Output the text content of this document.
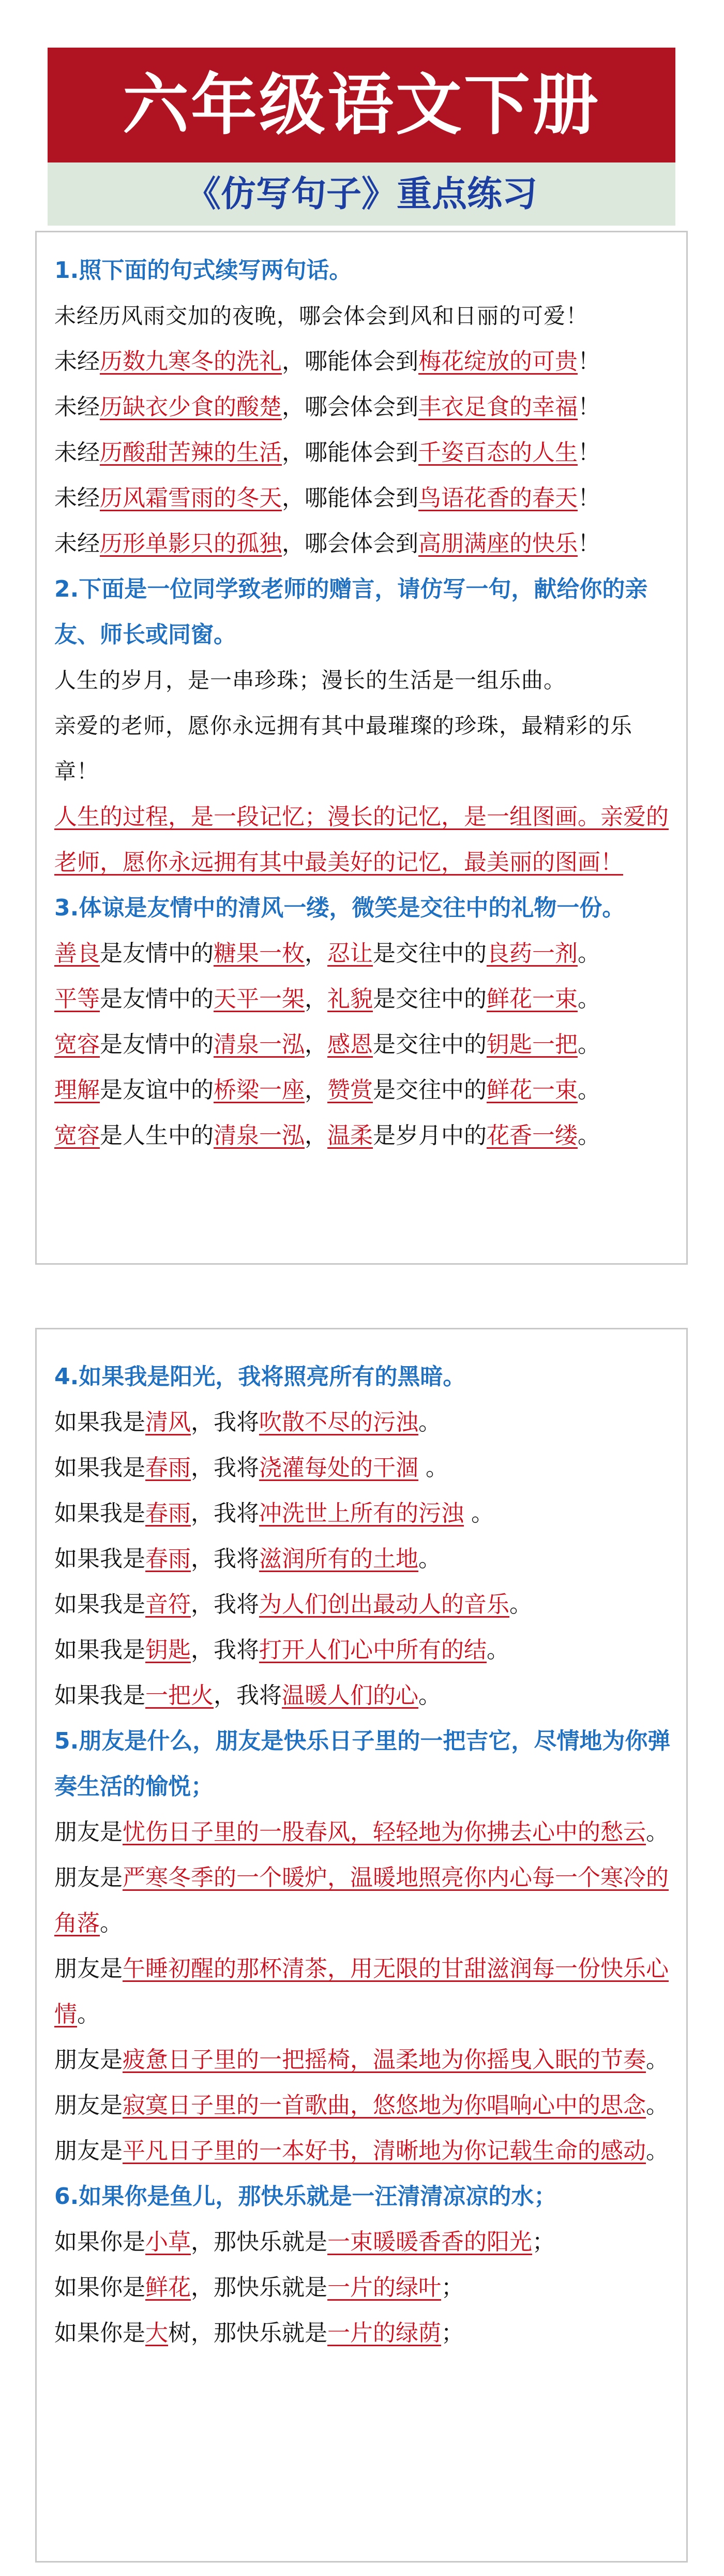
六年级语文下册
《仿写句子》重点练习
1.照下面的句式续写两句话。
未经历风雨交加的夜晚，哪会体会到风和日丽的可爱！
未经历数九寒冬的洗礼，哪能体会到梅花绽放的可贵！
未经历缺衣少食的酸楚，哪会体会到丰衣足食的幸福！
未经历酸甜苦辣的生活，哪能体会到千姿百态的人生！
未经历风霜雪雨的冬天，哪能体会到鸟语花香的春天！
未经历形单影只的孤独，哪会体会到高朋满座的快乐！
2.下面是一位同学致老师的赠言，请仿写一句，献给你的亲友、师长或同窗。
人生的岁月，是一串珍珠；漫长的生活是一组乐曲。
亲爱的老师，愿你永远拥有其中最璀璨的珍珠，最精彩的乐章！
人生的过程，是一段记忆；漫长的记忆，是一组图画。亲爱的老师，愿你永远拥有其中最美好的记忆，最美丽的图画！
3.体谅是友情中的清风一缕，微笑是交往中的礼物一份。
善良是友情中的糖果一枚，忍让是交往中的良药一剂。
平等是友情中的天平一架，礼貌是交往中的鲜花一束。
宽容是友情中的清泉一泓，感恩是交往中的钥匙一把。
理解是友谊中的桥梁一座，赞赏是交往中的鲜花一束。
宽容是人生中的清泉一泓，温柔是岁月中的花香一缕。
4.如果我是阳光，我将照亮所有的黑暗。
如果我是清风，我将吹散不尽的污浊。
如果我是春雨，我将浇灌每处的干涸 。
如果我是春雨，我将冲洗世上所有的污浊 。
如果我是春雨，我将滋润所有的土地。
如果我是音符，我将为人们创出最动人的音乐。
如果我是钥匙，我将打开人们心中所有的结。
如果我是一把火，我将温暖人们的心。
5.朋友是什么，朋友是快乐日子里的一把吉它，尽情地为你弹奏生活的愉悦；
朋友是忧伤日子里的一股春风，轻轻地为你拂去心中的愁云。
朋友是严寒冬季的一个暖炉，温暖地照亮你内心每一个寒冷的角落。
朋友是午睡初醒的那杯清茶，用无限的甘甜滋润每一份快乐心情。
朋友是疲惫日子里的一把摇椅，温柔地为你摇曳入眠的节奏。
朋友是寂寞日子里的一首歌曲，悠悠地为你唱响心中的思念。
朋友是平凡日子里的一本好书，清晰地为你记载生命的感动。
6.如果你是鱼儿，那快乐就是一汪清清凉凉的水；
如果你是小草，那快乐就是一束暖暖香香的阳光；
如果你是鲜花，那快乐就是一片的绿叶；
如果你是大树，那快乐就是一片的绿荫；
